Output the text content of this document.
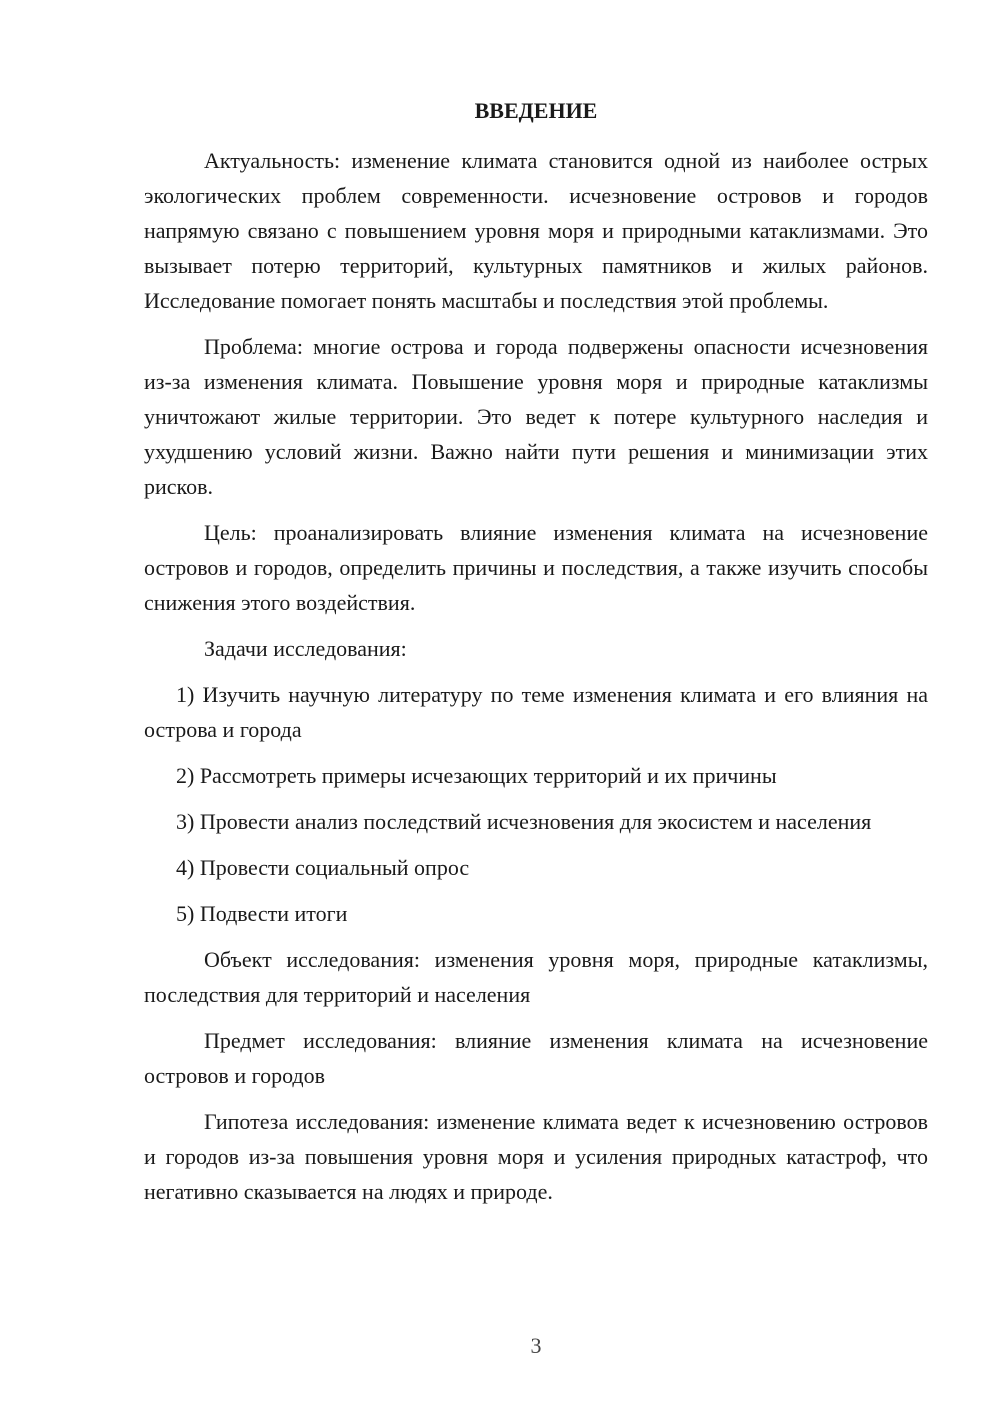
ВВЕДЕНИЕ

Актуальность: изменение климата становится одной из наиболее острых экологических проблем современности. исчезновение островов и городов напрямую связано с повышением уровня моря и природными катаклизмами. Это вызывает потерю территорий, культурных памятников и жилых районов. Исследование помогает понять масштабы и последствия этой проблемы.

Проблема: многие острова и города подвержены опасности исчезновения из-за изменения климата. Повышение уровня моря и природные катаклизмы уничтожают жилые территории. Это ведет к потере культурного наследия и ухудшению условий жизни. Важно найти пути решения и минимизации этих рисков.

Цель: проанализировать влияние изменения климата на исчезновение островов и городов, определить причины и последствия, а также изучить способы снижения этого воздействия.

Задачи исследования:

1) Изучить научную литературу по теме изменения климата и его влияния на острова и города

2) Рассмотреть примеры исчезающих территорий и их причины

3) Провести анализ последствий исчезновения для экосистем и населения

4) Провести социальный опрос

5) Подвести итоги

Объект исследования: изменения уровня моря, природные катаклизмы, последствия для территорий и населения

Предмет исследования: влияние изменения климата на исчезновение островов и городов

Гипотеза исследования: изменение климата ведет к исчезновению островов и городов из-за повышения уровня моря и усиления природных катастроф, что негативно сказывается на людях и природе.

3
